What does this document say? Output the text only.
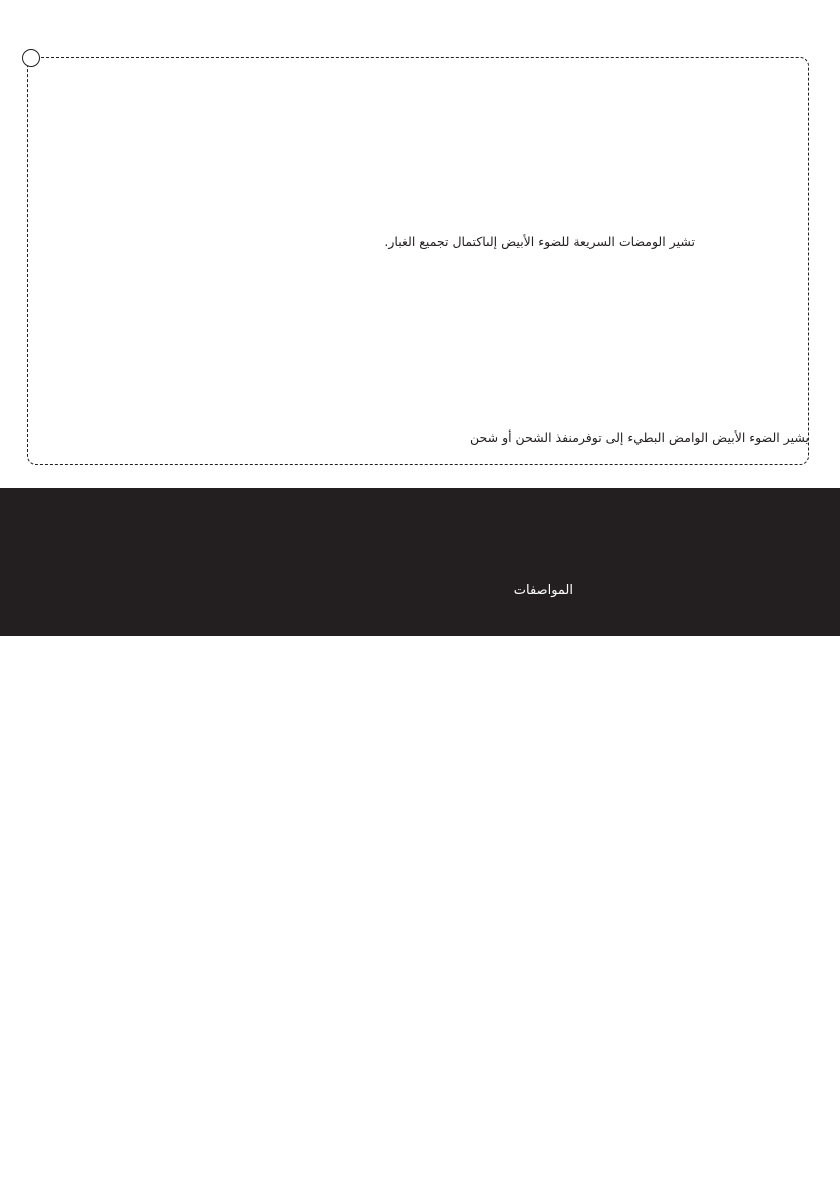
تشير الومضات السريعة للضوء الأبيض إلىاكتمال تجميع الغبار.

يشير الضوء الأبيض الوامض البطيء إلى توفرمنفذ الشحن أو شحن

المواصفات
